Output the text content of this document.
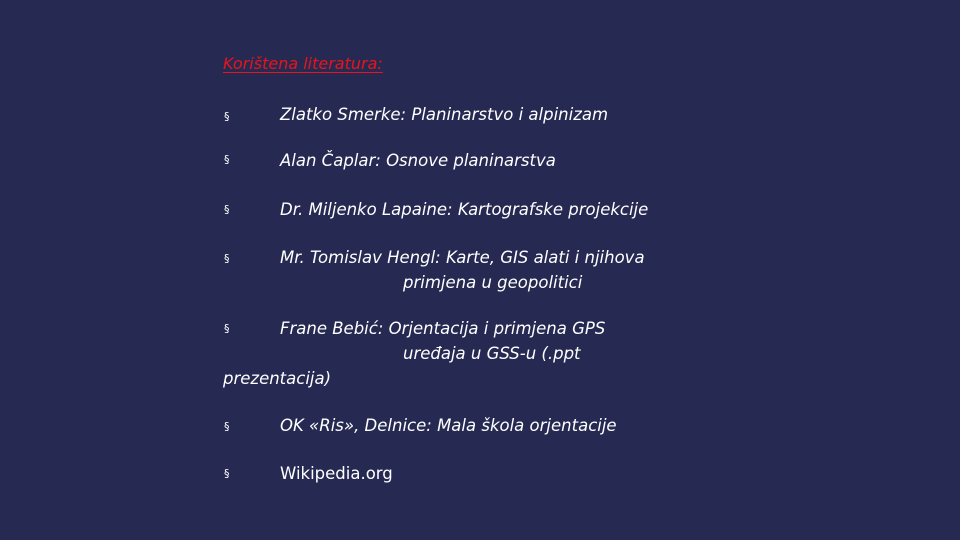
Korištena literatura:
§	Zlatko Smerke: Planinarstvo i alpinizam
§	Alan Čaplar: Osnove planinarstva
§	Dr. Miljenko Lapaine: Kartografske projekcije
§	Mr. Tomislav Hengl: Karte, GIS alati i njihova
primjena u geopolitici
§	Frane Bebić: Orjentacija i primjena GPS
uređaja u GSS-u (.ppt
prezentacija)
§	OK «Ris», Delnice: Mala škola orjentacije
§	Wikipedia.org
